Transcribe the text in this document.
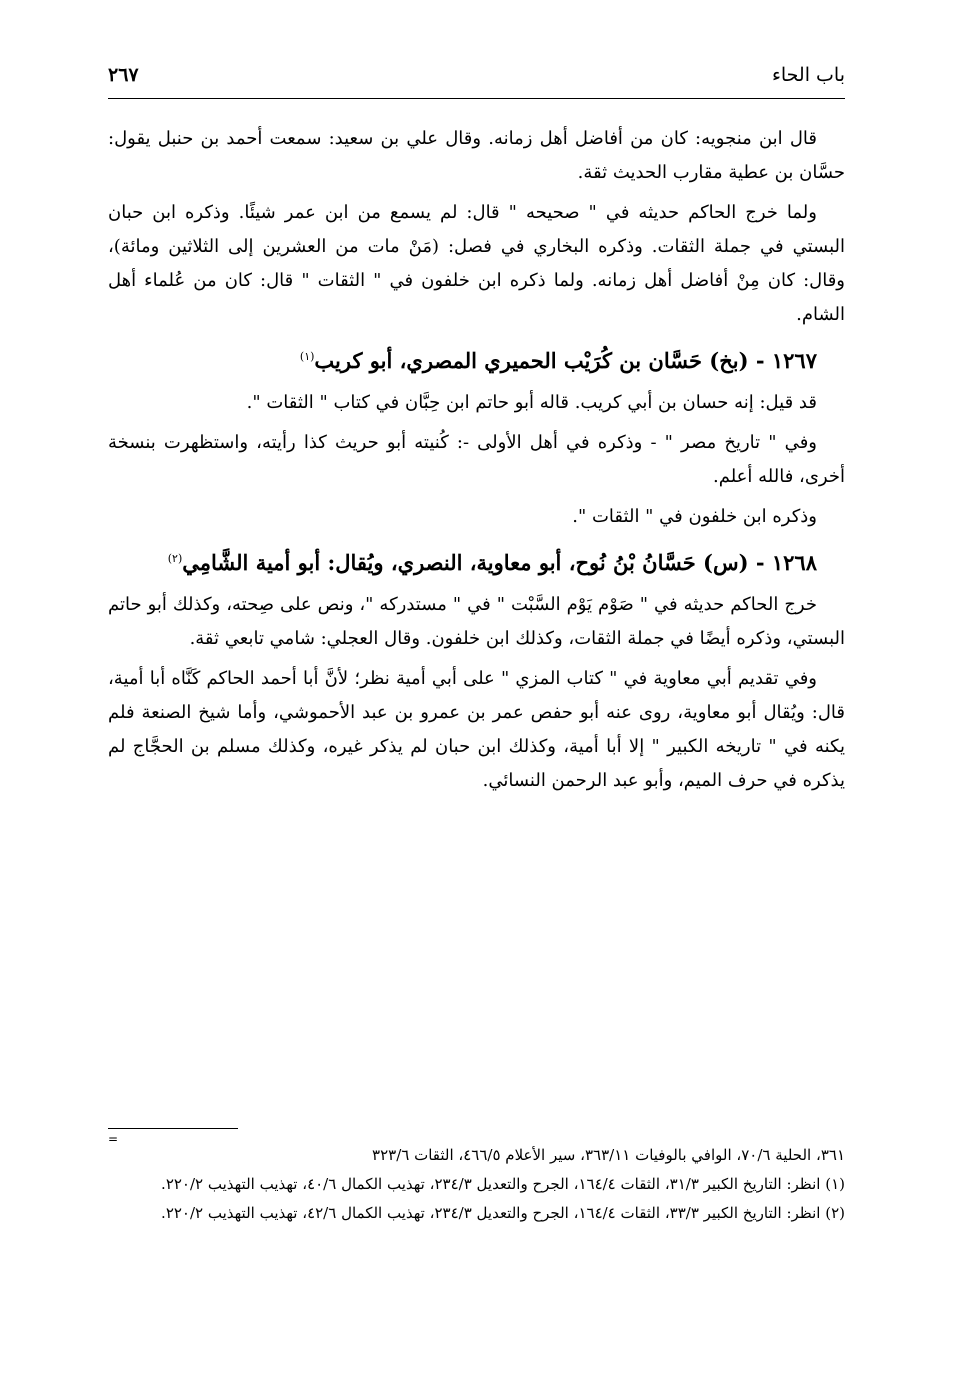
باب الحاء
٢٦٧

قال ابن منجويه: كان من أفاضل أهل زمانه. وقال علي بن سعيد: سمعت أحمد بن حنبل يقول: حسَّان بن عطية مقارب الحديث ثقة.

ولما خرج الحاكم حديثه في " صحيحه " قال: لم يسمع من ابن عمر شيئًا. وذكره ابن حبان البستي في جملة الثقات. وذكره البخاري في فصل: (مَنْ مات من العشرين إلى الثلاثين ومائة)، وقال: كان مِنْ أفاضل أهل زمانه. ولما ذكره ابن خلفون في " الثقات " قال: كان من عُلماء أهل الشام.

١٢٦٧ - (بخ) حَسَّان بن كُرَيْب الحميري المصري، أبو كريب$^{(١)}$

قد قيل: إنه حسان بن أبي كريب. قاله أبو حاتم ابن حِبَّان في كتاب " الثقات ".

وفي " تاريخ مصر " - وذكره في أهل الأولى -: كُنيته أبو حريث كذا رأيته، واستظهرت بنسخة أخرى، فالله أعلم.

وذكره ابن خلفون في " الثقات ".

١٢٦٨ - (س) حَسَّانُ بْنُ نُوح، أبو معاوية، النصري، ويُقال: أبو أمية الشَّامِي$^{(٢)}$

خرج الحاكم حديثه في " صَوْم يَوْم السَّبْت " في " مستدركه "، ونص على صِحته، وكذلك أبو حاتم البستي، وذكره أيضًا في جملة الثقات، وكذلك ابن خلفون. وقال العجلي: شامي تابعي ثقة.

وفي تقديم أبي معاوية في " كتاب المزي " على أبي أمية نظر؛ لأنَّ أبا أحمد الحاكم كَنَّاه أبا أمية، قال: ويُقال أبو معاوية، روى عنه أبو حفص عمر بن عمرو بن عبد الأحموشي، وأما شيخ الصنعة فلم يكنه في " تاريخه الكبير " إلا أبا أمية، وكذلك ابن حبان لم يذكر غيره، وكذلك مسلم بن الحجَّاج لم يذكره في حرف الميم، وأبو عبد الرحمن النسائي.

=

٣٦١، الحلية ٧٠/٦، الوافي بالوفيات ٣٦٣/١١، سير الأعلام ٤٦٦/٥، الثقات ٣٢٣/٦

(١) انظر: التاريخ الكبير ٣١/٣، الثقات ١٦٤/٤، الجرح والتعديل ٢٣٤/٣، تهذيب الكمال ٤٠/٦، تهذيب التهذيب ٢٢٠/٢.

(٢) انظر: التاريخ الكبير ٣٣/٣، الثقات ١٦٤/٤، الجرح والتعديل ٢٣٤/٣، تهذيب الكمال ٤٢/٦، تهذيب التهذيب ٢٢٠/٢.
